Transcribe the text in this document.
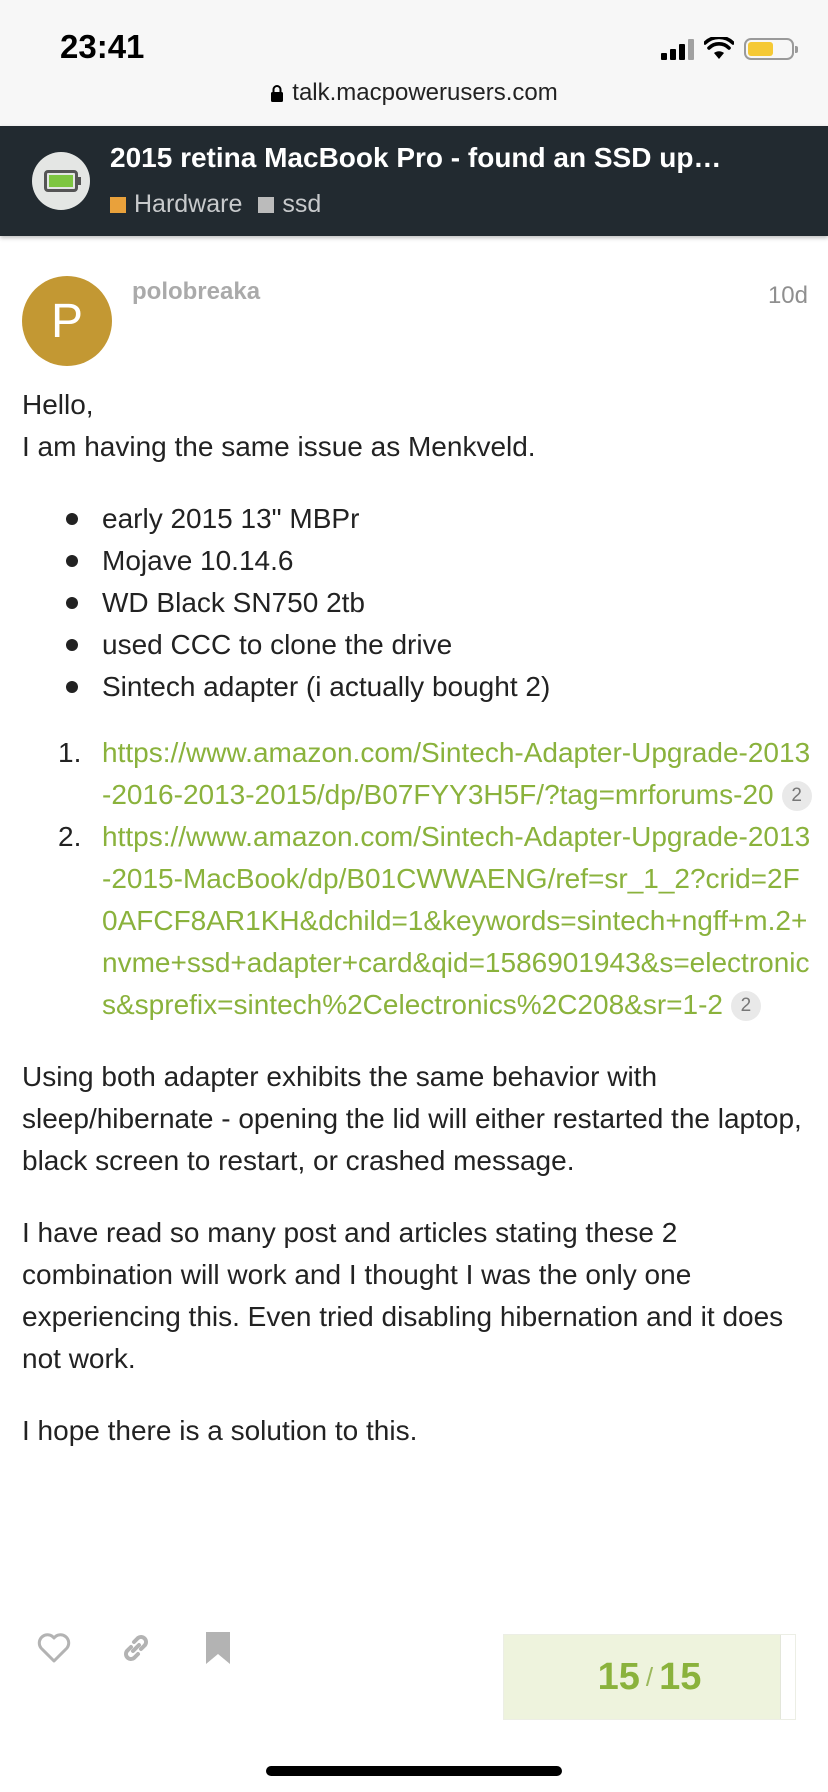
23:41
talk.macpowerusers.com
2015 retina MacBook Pro - found an SSD up…
Hardware ssd
P
polobreaka	10d

Hello,
I am having the same issue as Menkveld.

early 2015 13" MBPr
Mojave 10.14.6
WD Black SN750 2tb
used CCC to clone the drive
Sintech adapter (i actually bought 2)
1. https://www.amazon.com/Sintech-Adapter-Upgrade-2013-2016-2013-2015/dp/B07FYY3H5F/?tag=mrforums-20 2
2. https://www.amazon.com/Sintech-Adapter-Upgrade-2013-2015-MacBook/dp/B01CWWAENG/ref=sr_1_2?crid=2F0AFCF8AR1KH&dchild=1&keywords=sintech+ngff+m.2+nvme+ssd+adapter+card&qid=1586901943&s=electronics&sprefix=sintech%2Celectronics%2C208&sr=1-2 2

Using both adapter exhibits the same behavior with sleep/hibernate - opening the lid will either restarted the laptop, black screen to restart, or crashed message.

I have read so many post and articles stating these 2 combination will work and I thought I was the only one experiencing this. Even tried disabling hibernation and it does not work.

I hope there is a solution to this.

15 / 15
